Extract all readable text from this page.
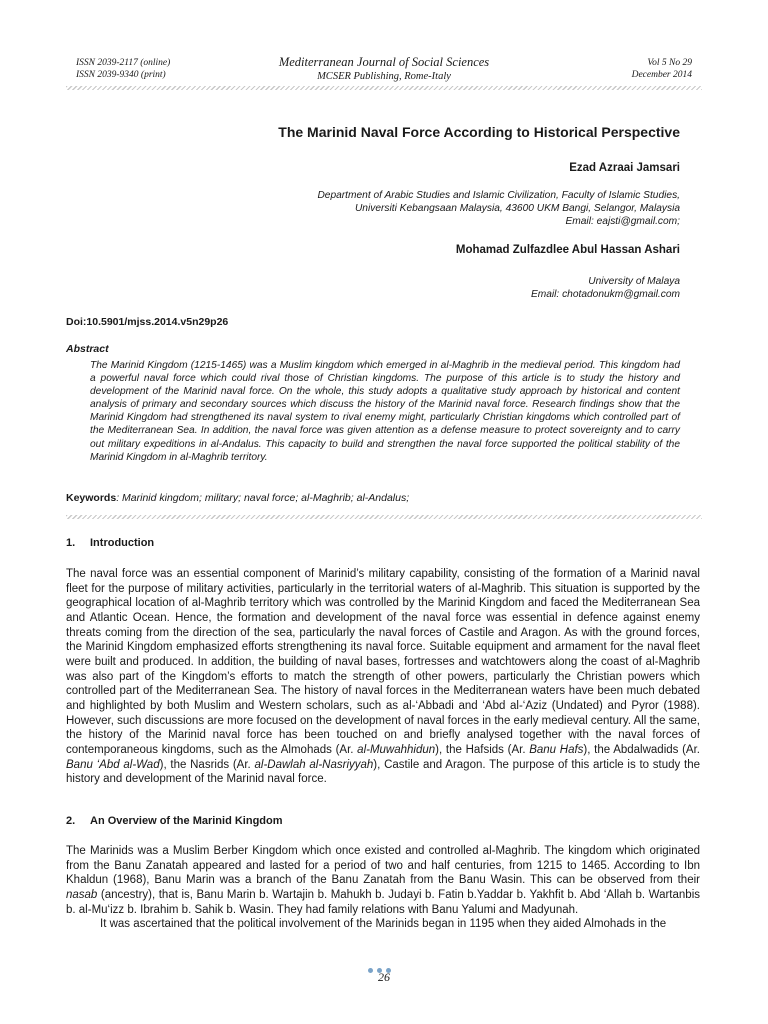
ISSN 2039-2117 (online)
ISSN 2039-9340 (print)
Mediterranean Journal of Social Sciences
MCSER Publishing, Rome-Italy
Vol 5 No 29
December 2014
The Marinid Naval Force According to Historical Perspective
Ezad Azraai Jamsari
Department of Arabic Studies and Islamic Civilization, Faculty of Islamic Studies,
Universiti Kebangsaan Malaysia, 43600 UKM Bangi, Selangor, Malaysia
Email: eajsti@gmail.com;
Mohamad Zulfazdlee Abul Hassan Ashari
University of Malaya
Email: chotadonukm@gmail.com
Doi:10.5901/mjss.2014.v5n29p26
Abstract
The Marinid Kingdom (1215-1465) was a Muslim kingdom which emerged in al-Maghrib in the medieval period. This kingdom had a powerful naval force which could rival those of Christian kingdoms. The purpose of this article is to study the history and development of the Marinid naval force. On the whole, this study adopts a qualitative study approach by historical and content analysis of primary and secondary sources which discuss the history of the Marinid naval force. Research findings show that the Marinid Kingdom had strengthened its naval system to rival enemy might, particularly Christian kingdoms which controlled part of the Mediterranean Sea. In addition, the naval force was given attention as a defense measure to protect sovereignty and to carry out military expeditions in al-Andalus. This capacity to build and strengthen the naval force supported the political stability of the Marinid Kingdom in al-Maghrib territory.
Keywords: Marinid kingdom; military; naval force; al-Maghrib; al-Andalus;
1. Introduction

The naval force was an essential component of Marinid’s military capability, consisting of the formation of a Marinid naval fleet for the purpose of military activities, particularly in the territorial waters of al-Maghrib. This situation is supported by the geographical location of al-Maghrib territory which was controlled by the Marinid Kingdom and faced the Mediterranean Sea and Atlantic Ocean. Hence, the formation and development of the naval force was essential in defence against enemy threats coming from the direction of the sea, particularly the naval forces of Castile and Aragon. As with the ground forces, the Marinid Kingdom emphasized efforts strengthening its naval force. Suitable equipment and armament for the naval fleet were built and produced. In addition, the building of naval bases, fortresses and watchtowers along the coast of al-Maghrib was also part of the Kingdom’s efforts to match the strength of other powers, particularly the Christian powers which controlled part of the Mediterranean Sea. The history of naval forces in the Mediterranean waters have been much debated and highlighted by both Muslim and Western scholars, such as al-‘Abbadi and ‘Abd al-‘Aziz (Undated) and Pyror (1988). However, such discussions are more focused on the development of naval forces in the early medieval century. All the same, the history of the Marinid naval force has been touched on and briefly analysed together with the naval forces of contemporaneous kingdoms, such as the Almohads (Ar. al-Muwahhidun), the Hafsids (Ar. Banu Hafs), the Abdalwadids (Ar. Banu ‘Abd al-Wad), the Nasrids (Ar. al-Dawlah al-Nasriyyah), Castile and Aragon. The purpose of this article is to study the history and development of the Marinid naval force.

2. An Overview of the Marinid Kingdom

The Marinids was a Muslim Berber Kingdom which once existed and controlled al-Maghrib. The kingdom which originated from the Banu Zanatah appeared and lasted for a period of two and half centuries, from 1215 to 1465. According to Ibn Khaldun (1968), Banu Marin was a branch of the Banu Zanatah from the Banu Wasin. This can be observed from their nasab (ancestry), that is, Banu Marin b. Wartajin b. Mahukh b. Judayi b. Fatin b.Yaddar b. Yakhfit b. Abd ‘Allah b. Wartanbis b. al-Mu‘izz b. Ibrahim b. Sahik b. Wasin. They had family relations with Banu Yalumi and Madyunah.

It was ascertained that the political involvement of the Marinids began in 1195 when they aided Almohads in the

26
